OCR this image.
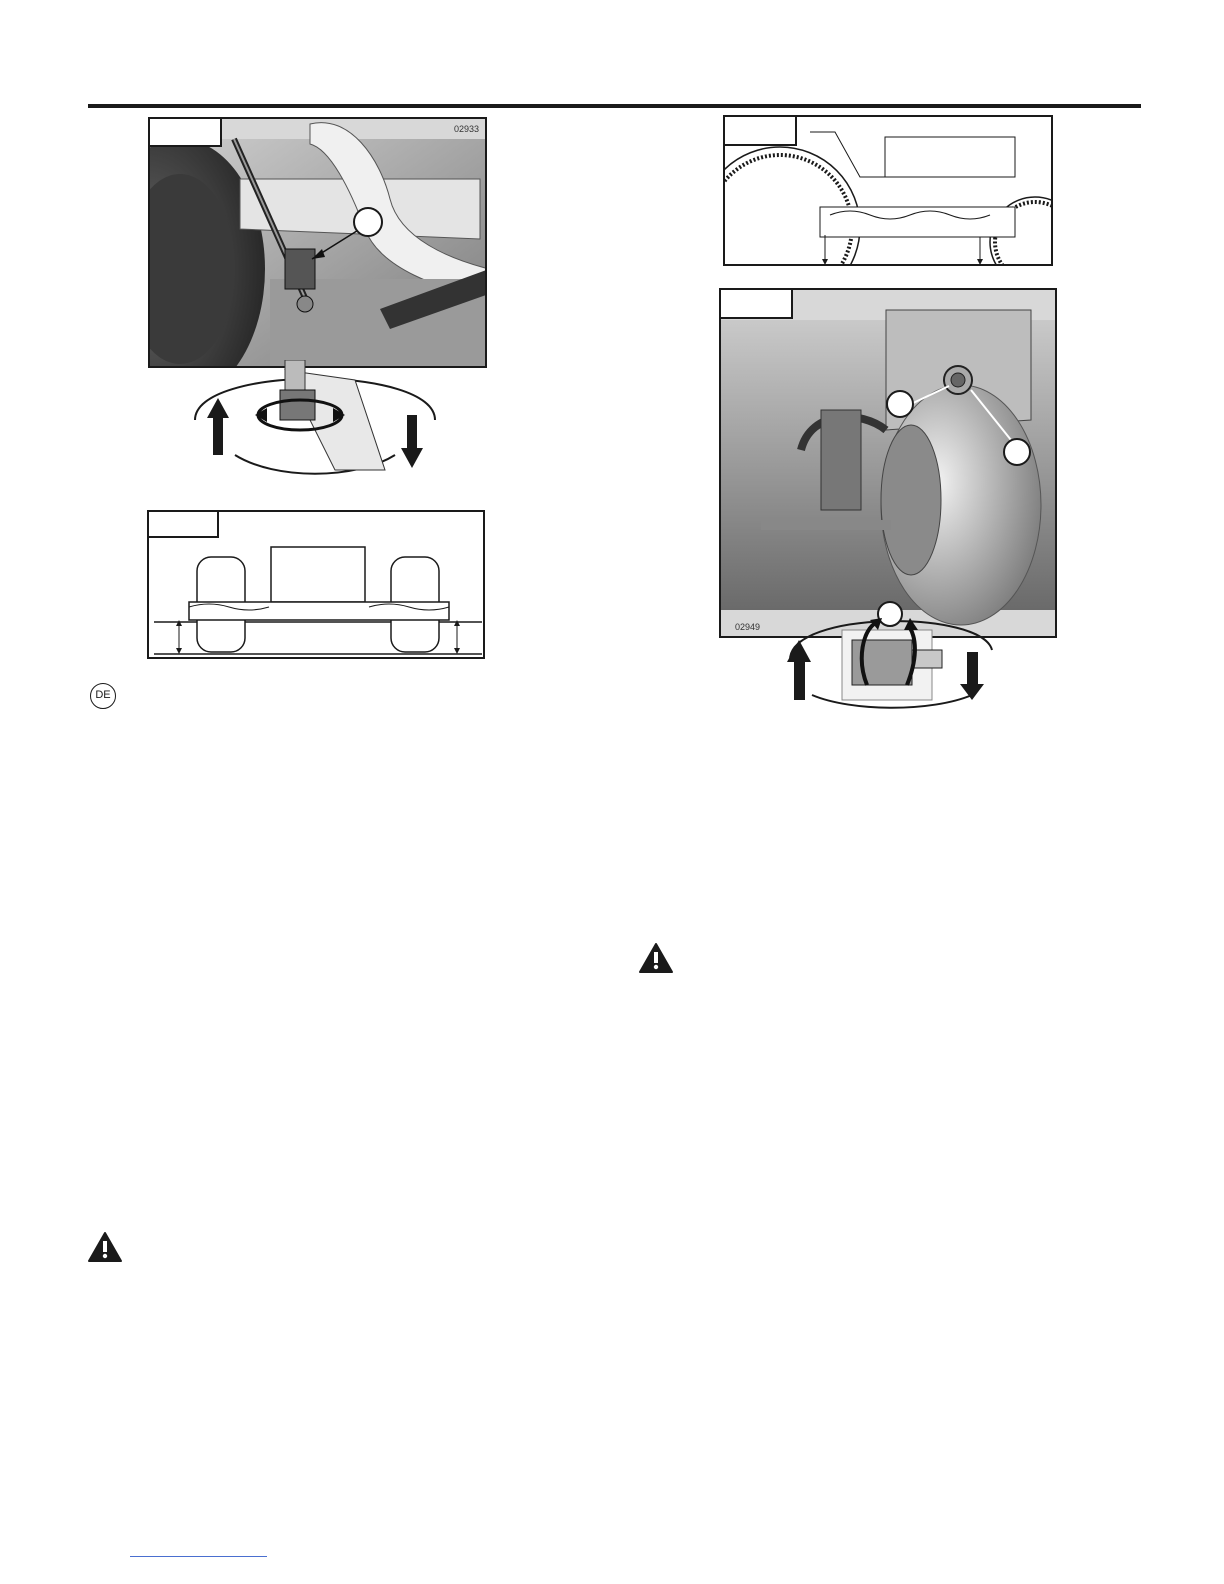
02933
DE
02949
